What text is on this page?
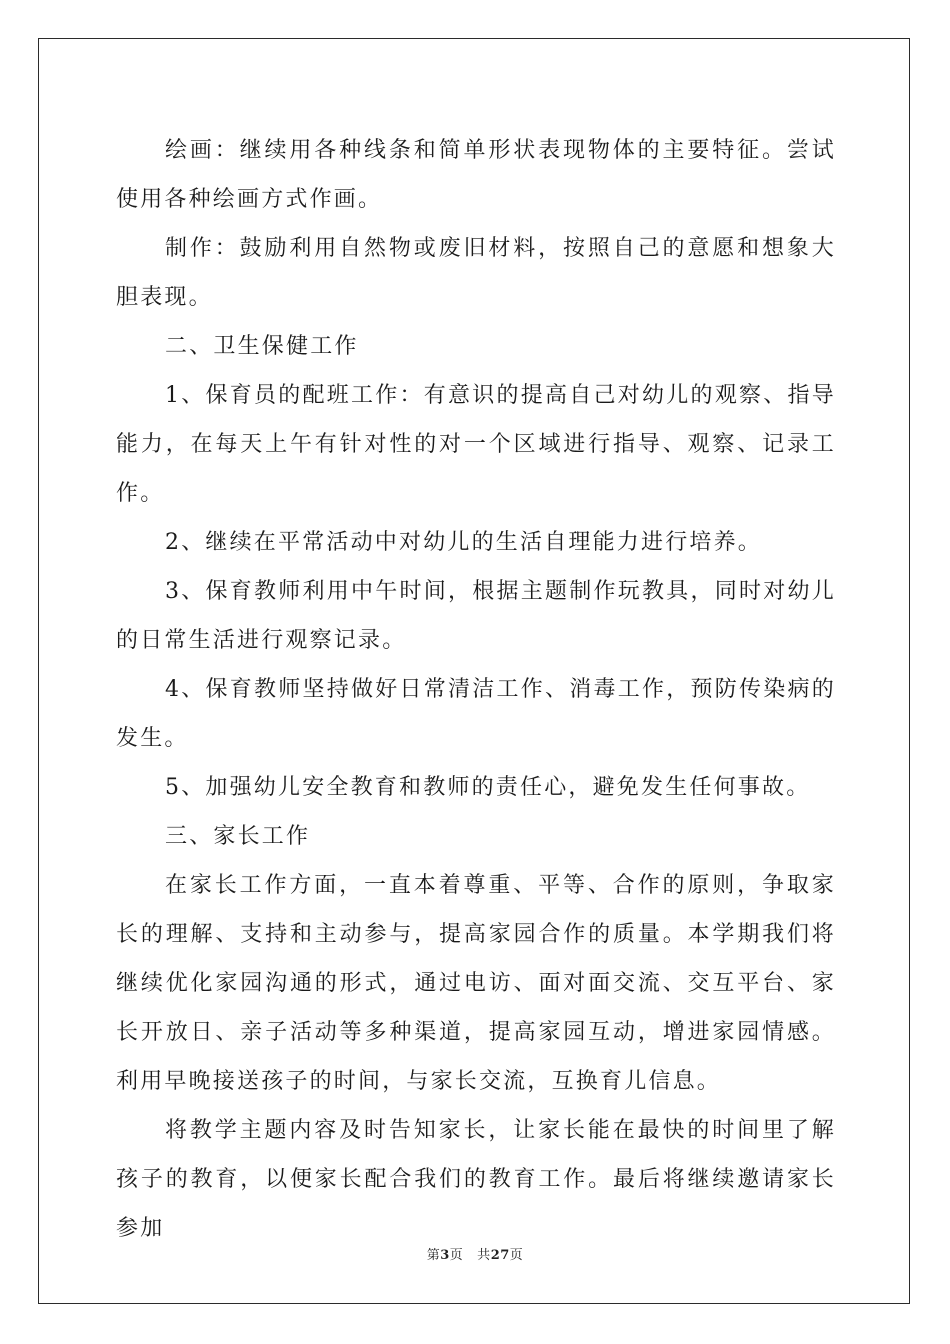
绘画：继续用各种线条和简单形状表现物体的主要特征。尝试使用各种绘画方式作画。

制作：鼓励利用自然物或废旧材料，按照自己的意愿和想象大胆表现。

二、卫生保健工作

1、保育员的配班工作：有意识的提高自己对幼儿的观察、指导能力，在每天上午有针对性的对一个区域进行指导、观察、记录工作。

2、继续在平常活动中对幼儿的生活自理能力进行培养。

3、保育教师利用中午时间，根据主题制作玩教具，同时对幼儿的日常生活进行观察记录。

4、保育教师坚持做好日常清洁工作、消毒工作，预防传染病的发生。

5、加强幼儿安全教育和教师的责任心，避免发生任何事故。

三、家长工作

在家长工作方面，一直本着尊重、平等、合作的原则，争取家长的理解、支持和主动参与，提高家园合作的质量。本学期我们将继续优化家园沟通的形式，通过电访、面对面交流、交互平台、家长开放日、亲子活动等多种渠道，提高家园互动，增进家园情感。利用早晚接送孩子的时间，与家长交流，互换育儿信息。

将教学主题内容及时告知家长，让家长能在最快的时间里了解孩子的教育，以便家长配合我们的教育工作。最后将继续邀请家长参加

第3页 共27页
